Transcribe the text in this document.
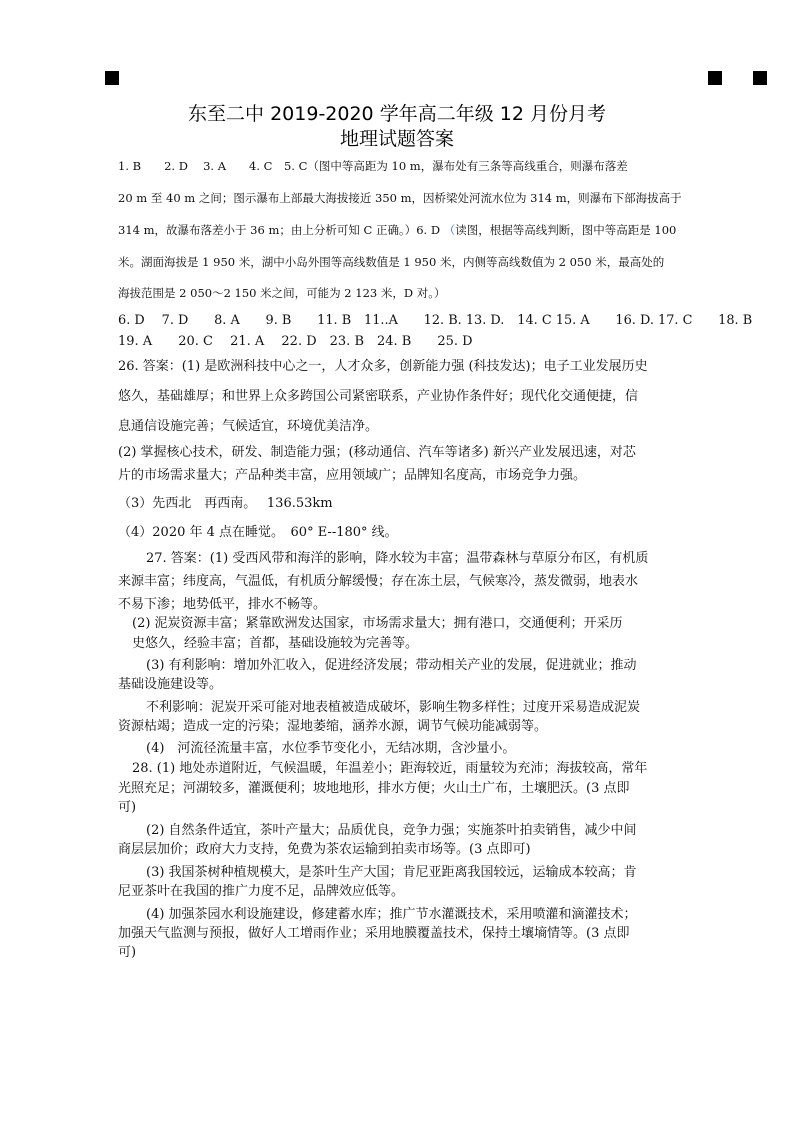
东至二中 2019-2020 学年高二年级 12 月份月考
地理试题答案
1. B　　2. D　 3. A　　4. C　5. C（图中等高距为 10 m，瀑布处有三条等高线重合，则瀑布落差
20 m 至 40 m 之间；图示瀑布上部最大海拔接近 350 m，因桥梁处河流水位为 314 m，则瀑布下部海拔高于
314 m，故瀑布落差小于 36 m；由上分析可知 C 正确。）6. D （读图，根据等高线判断，图中等高距是 100
米。湖面海拔是 1 950 米，湖中小岛外围等高线数值是 1 950 米，内侧等高线数值为 2 050 米，最高处的
海拔范围是 2 050～2 150 米之间，可能为 2 123 米，D 对。）
6. D　 7. D　　8. A　　9. B　　11. B　11..A　　12. B. 13. D.　14. C 15. A　　16. D. 17. C　　18. B
19. A　　20. C　 21. A　 22. D　23. B　24. B　　25. D
26. 答案：(1) 是欧洲科技中心之一，人才众多，创新能力强 (科技发达)；电子工业发展历史
悠久，基础雄厚；和世界上众多跨国公司紧密联系，产业协作条件好；现代化交通便捷，信
息通信设施完善；气候适宜，环境优美洁净。
(2) 掌握核心技术，研发、制造能力强；(移动通信、汽车等诸多) 新兴产业发展迅速，对芯
片的市场需求量大；产品种类丰富，应用领域广；品牌知名度高，市场竞争力强。
（3）先西北　再西南。　 136.53km
（4）2020 年 4 点在睡觉。　60° E--180° 线。
27. 答案：(1) 受西风带和海洋的影响，降水较为丰富；温带森林与草原分布区，有机质
来源丰富；纬度高，气温低，有机质分解缓慢；存在冻土层，气候寒冷，蒸发微弱，地表水
不易下渗；地势低平，排水不畅等。
(2) 泥炭资源丰富；紧靠欧洲发达国家，市场需求量大；拥有港口，交通便利；开采历
史悠久，经验丰富；首都，基础设施较为完善等。
(3) 有利影响：增加外汇收入，促进经济发展；带动相关产业的发展，促进就业；推动
基础设施建设等。
不利影响：泥炭开采可能对地表植被造成破坏，影响生物多样性；过度开采易造成泥炭
资源枯竭；造成一定的污染；湿地萎缩，涵养水源，调节气候功能减弱等。
(4)　河流径流量丰富，水位季节变化小，无结冰期，含沙量小。
28. (1) 地处赤道附近，气候温暖，年温差小；距海较近，雨量较为充沛；海拔较高，常年
光照充足；河湖较多，灌溉便利；坡地地形，排水方便；火山土广布，土壤肥沃。(3 点即
可)
(2) 自然条件适宜，茶叶产量大；品质优良，竞争力强；实施茶叶拍卖销售，减少中间
商层层加价；政府大力支持，免费为茶农运输到拍卖市场等。(3 点即可)
(3) 我国茶树种植规模大，是茶叶生产大国；肯尼亚距离我国较远，运输成本较高；肯
尼亚茶叶在我国的推广力度不足，品牌效应低等。
(4) 加强茶园水利设施建设，修建蓄水库；推广节水灌溉技术，采用喷灌和滴灌技术；
加强天气监测与预报，做好人工增雨作业；采用地膜覆盖技术，保持土壤墒情等。(3 点即
可)
